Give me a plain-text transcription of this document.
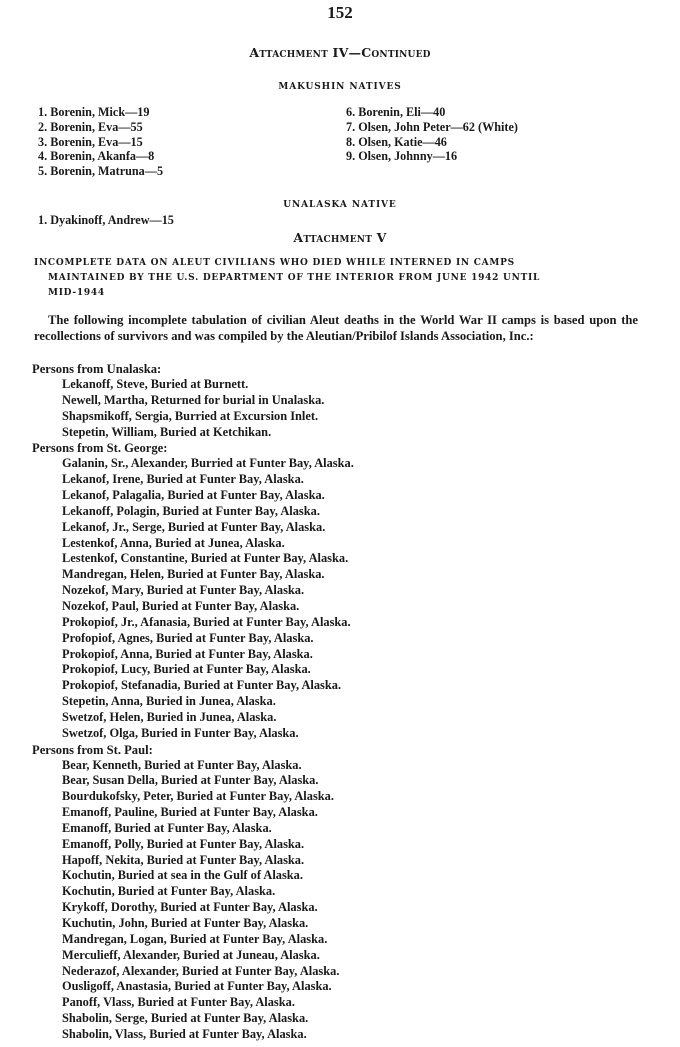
152
Attachment IV—Continued
MAKUSHIN NATIVES
1. Borenin, Mick—19
2. Borenin, Eva—55
3. Borenin, Eva—15
4. Borenin, Akanfa—8
5. Borenin, Matruna—5
6. Borenin, Eli—40
7. Olsen, John Peter—62 (White)
8. Olsen, Katie—46
9. Olsen, Johnny—16
UNALASKA NATIVE
1. Dyakinoff, Andrew—15
Attachment V
INCOMPLETE DATA ON ALEUT CIVILIANS WHO DIED WHILE INTERNED IN CAMPS
MAINTAINED BY THE U.S. DEPARTMENT OF THE INTERIOR FROM JUNE 1942 UNTIL
MID-1944
The following incomplete tabulation of civilian Aleut deaths in the World War II camps is based upon the recollections of survivors and was compiled by the Aleutian/Pribilof Islands Association, Inc.:
Persons from Unalaska:
Lekanoff, Steve, Buried at Burnett.
Newell, Martha, Returned for burial in Unalaska.
Shapsmikoff, Sergia, Burried at Excursion Inlet.
Stepetin, William, Buried at Ketchikan.
Persons from St. George:
Galanin, Sr., Alexander, Burried at Funter Bay, Alaska.
Lekanof, Irene, Buried at Funter Bay, Alaska.
Lekanof, Palagalia, Buried at Funter Bay, Alaska.
Lekanoff, Polagin, Buried at Funter Bay, Alaska.
Lekanof, Jr., Serge, Buried at Funter Bay, Alaska.
Lestenkof, Anna, Buried at Junea, Alaska.
Lestenkof, Constantine, Buried at Funter Bay, Alaska.
Mandregan, Helen, Buried at Funter Bay, Alaska.
Nozekof, Mary, Buried at Funter Bay, Alaska.
Nozekof, Paul, Buried at Funter Bay, Alaska.
Prokopiof, Jr., Afanasia, Buried at Funter Bay, Alaska.
Profopiof, Agnes, Buried at Funter Bay, Alaska.
Prokopiof, Anna, Buried at Funter Bay, Alaska.
Prokopiof, Lucy, Buried at Funter Bay, Alaska.
Prokopiof, Stefanadia, Buried at Funter Bay, Alaska.
Stepetin, Anna, Buried in Junea, Alaska.
Swetzof, Helen, Buried in Junea, Alaska.
Swetzof, Olga, Buried in Funter Bay, Alaska.
Persons from St. Paul:
Bear, Kenneth, Buried at Funter Bay, Alaska.
Bear, Susan Della, Buried at Funter Bay, Alaska.
Bourdukofsky, Peter, Buried at Funter Bay, Alaska.
Emanoff, Pauline, Buried at Funter Bay, Alaska.
Emanoff, Buried at Funter Bay, Alaska.
Emanoff, Polly, Buried at Funter Bay, Alaska.
Hapoff, Nekita, Buried at Funter Bay, Alaska.
Kochutin, Buried at sea in the Gulf of Alaska.
Kochutin, Buried at Funter Bay, Alaska.
Krykoff, Dorothy, Buried at Funter Bay, Alaska.
Kuchutin, John, Buried at Funter Bay, Alaska.
Mandregan, Logan, Buried at Funter Bay, Alaska.
Merculieff, Alexander, Buried at Juneau, Alaska.
Nederazof, Alexander, Buried at Funter Bay, Alaska.
Ousligoff, Anastasia, Buried at Funter Bay, Alaska.
Panoff, Vlass, Buried at Funter Bay, Alaska.
Shabolin, Serge, Buried at Funter Bay, Alaska.
Shabolin, Vlass, Buried at Funter Bay, Alaska.
